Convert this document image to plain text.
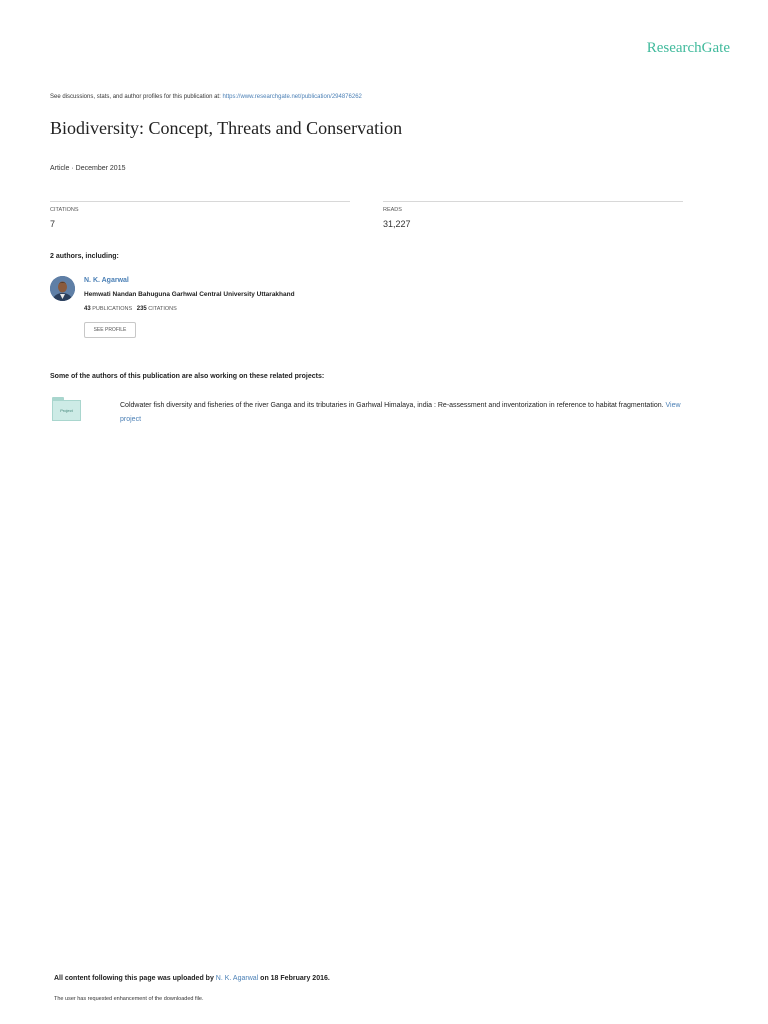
ResearchGate
See discussions, stats, and author profiles for this publication at: https://www.researchgate.net/publication/294876262
Biodiversity: Concept, Threats and Conservation
Article · December 2015
CITATIONS
7
READS
31,227
2 authors, including:
N. K. Agarwal
Hemwati Nandan Bahuguna Garhwal Central University Uttarakhand
43 PUBLICATIONS 235 CITATIONS
SEE PROFILE
Some of the authors of this publication are also working on these related projects:
Project
Coldwater fish diversity and fisheries of the river Ganga and its tributaries in Garhwal Himalaya, india : Re-assessment and inventorization in reference to habitat fragmentation. View project
All content following this page was uploaded by N. K. Agarwal on 18 February 2016.
The user has requested enhancement of the downloaded file.
